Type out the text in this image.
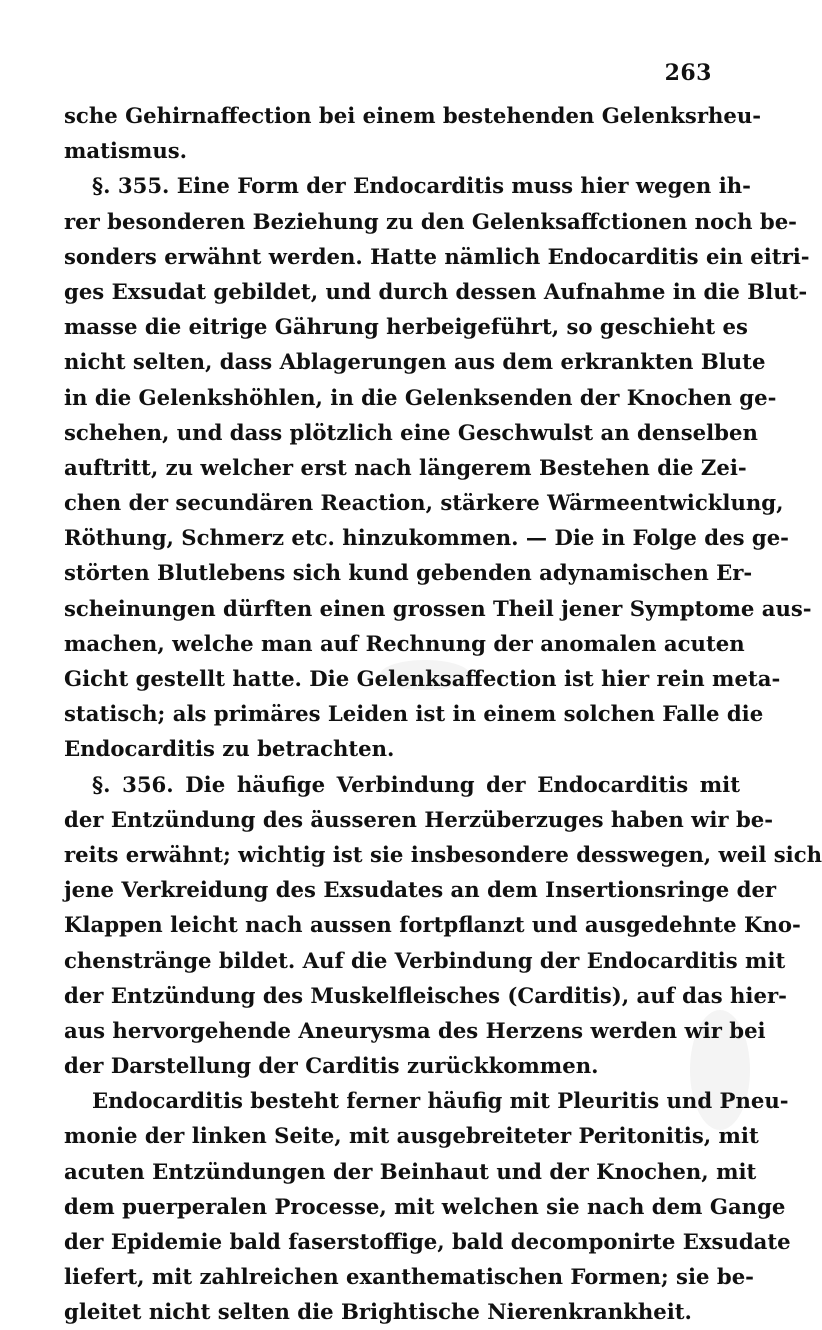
263
sche Gehirnaffection bei einem bestehenden Gelenksrheu-
matismus.
§. 355. Eine Form der Endocarditis muss hier wegen ih-
rer besonderen Beziehung zu den Gelenksaffctionen noch be-
sonders erwähnt werden. Hatte nämlich Endocarditis ein eitri-
ges Exsudat gebildet, und durch dessen Aufnahme in die Blut-
masse die eitrige Gährung herbeigeführt, so geschieht es
nicht selten, dass Ablagerungen aus dem erkrankten Blute
in die Gelenkshöhlen, in die Gelenksenden der Knochen ge-
schehen, und dass plötzlich eine Geschwulst an denselben
auftritt, zu welcher erst nach längerem Bestehen die Zei-
chen der secundären Reaction, stärkere Wärmeentwicklung,
Röthung, Schmerz etc. hinzukommen. — Die in Folge des ge-
störten Blutlebens sich kund gebenden adynamischen Er-
scheinungen dürften einen grossen Theil jener Symptome aus-
machen, welche man auf Rechnung der anomalen acuten
Gicht gestellt hatte. Die Gelenksaffection ist hier rein meta-
statisch; als primäres Leiden ist in einem solchen Falle die
Endocarditis zu betrachten.
§. 356. Die häufige Verbindung der Endocarditis mit
der Entzündung des äusseren Herzüberzuges haben wir be-
reits erwähnt; wichtig ist sie insbesondere desswegen, weil sich
jene Verkreidung des Exsudates an dem Insertionsringe der
Klappen leicht nach aussen fortpflanzt und ausgedehnte Kno-
chenstränge bildet. Auf die Verbindung der Endocarditis mit
der Entzündung des Muskelfleisches (Carditis), auf das hier-
aus hervorgehende Aneurysma des Herzens werden wir bei
der Darstellung der Carditis zurückkommen.
Endocarditis besteht ferner häufig mit Pleuritis und Pneu-
monie der linken Seite, mit ausgebreiteter Peritonitis, mit
acuten Entzündungen der Beinhaut und der Knochen, mit
dem puerperalen Processe, mit welchen sie nach dem Gange
der Epidemie bald faserstoffige, bald decomponirte Exsudate
liefert, mit zahlreichen exanthematischen Formen; sie be-
gleitet nicht selten die Brightische Nierenkrankheit.
